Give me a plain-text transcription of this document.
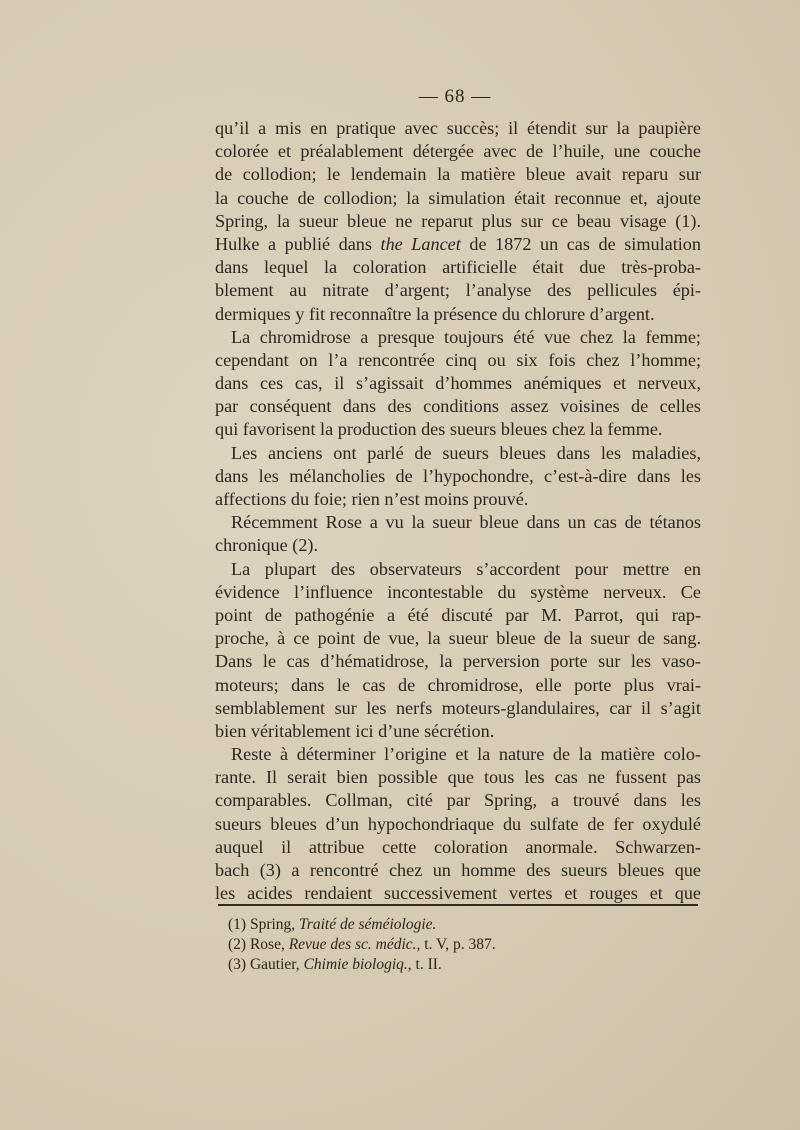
— 68 —
qu’il a mis en pratique avec succès; il étendit sur la paupière
colorée et préalablement détergée avec de l’huile, une couche
de collodion; le lendemain la matière bleue avait reparu sur
la couche de collodion; la simulation était reconnue et, ajoute
Spring, la sueur bleue ne reparut plus sur ce beau visage (1).
Hulke a publié dans the Lancet de 1872 un cas de simulation
dans lequel la coloration artificielle était due très-proba-
blement au nitrate d’argent; l’analyse des pellicules épi-
dermiques y fit reconnaître la présence du chlorure d’argent.
La chromidrose a presque toujours été vue chez la femme;
cependant on l’a rencontrée cinq ou six fois chez l’homme;
dans ces cas, il s’agissait d’hommes anémiques et nerveux,
par conséquent dans des conditions assez voisines de celles
qui favorisent la production des sueurs bleues chez la femme.
Les anciens ont parlé de sueurs bleues dans les maladies,
dans les mélancholies de l’hypochondre, c’est-à-dire dans les
affections du foie; rien n’est moins prouvé.
Récemment Rose a vu la sueur bleue dans un cas de tétanos
chronique (2).
La plupart des observateurs s’accordent pour mettre en
évidence l’influence incontestable du système nerveux. Ce
point de pathogénie a été discuté par M. Parrot, qui rap-
proche, à ce point de vue, la sueur bleue de la sueur de sang.
Dans le cas d’hématidrose, la perversion porte sur les vaso-
moteurs; dans le cas de chromidrose, elle porte plus vrai-
semblablement sur les nerfs moteurs-glandulaires, car il s’agit
bien véritablement ici d’une sécrétion.
Reste à déterminer l’origine et la nature de la matière colo-
rante. Il serait bien possible que tous les cas ne fussent pas
comparables. Collman, cité par Spring, a trouvé dans les
sueurs bleues d’un hypochondriaque du sulfate de fer oxydulé
auquel il attribue cette coloration anormale. Schwarzen-
bach (3) a rencontré chez un homme des sueurs bleues que
les acides rendaient successivement vertes et rouges et que
(1) Spring, Traité de séméiologie.
(2) Rose, Revue des sc. médic., t. V, p. 387.
(3) Gautier, Chimie biologiq., t. II.
